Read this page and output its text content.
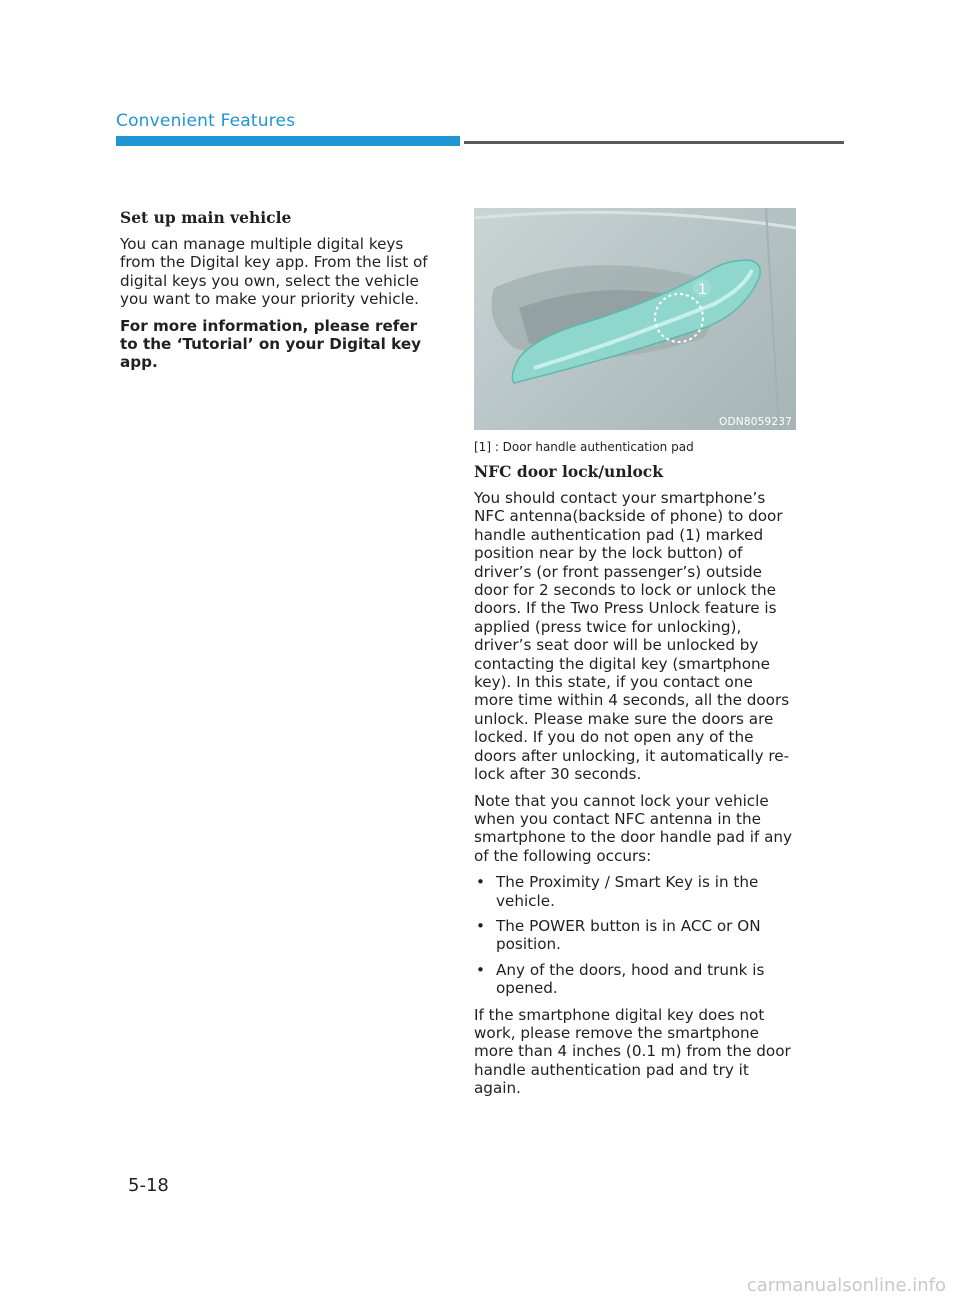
Convenient Features
Set up main vehicle

You can manage multiple digital keys from the Digital key app. From the list of digital keys you own, select the vehicle you want to make your priority vehicle.

For more information, please refer to the ‘Tutorial’ on your Digital key app.

1
ODN8059237
[1] : Door handle authentication pad
NFC door lock/unlock

You should contact your smartphone’s NFC antenna(backside of phone) to door handle authentication pad (1) marked position near by the lock button) of driver’s (or front passenger’s) outside door for 2 seconds to lock or unlock the doors. If the Two Press Unlock feature is applied (press twice for unlocking), driver’s seat door will be unlocked by contacting the digital key (smartphone key). In this state, if you contact one more time within 4 seconds, all the doors unlock. Please make sure the doors are locked. If you do not open any of the doors after unlocking, it automatically re-lock after 30 seconds.

Note that you cannot lock your vehicle when you contact NFC antenna in the smartphone to the door handle pad if any of the following occurs:

• The Proximity / Smart Key is in the vehicle.
• The POWER button is in ACC or ON position.
• Any of the doors, hood and trunk is opened.

If the smartphone digital key does not work, please remove the smartphone more than 4 inches (0.1 m) from the door handle authentication pad and try it again.

5-18
carmanualsonline.info
